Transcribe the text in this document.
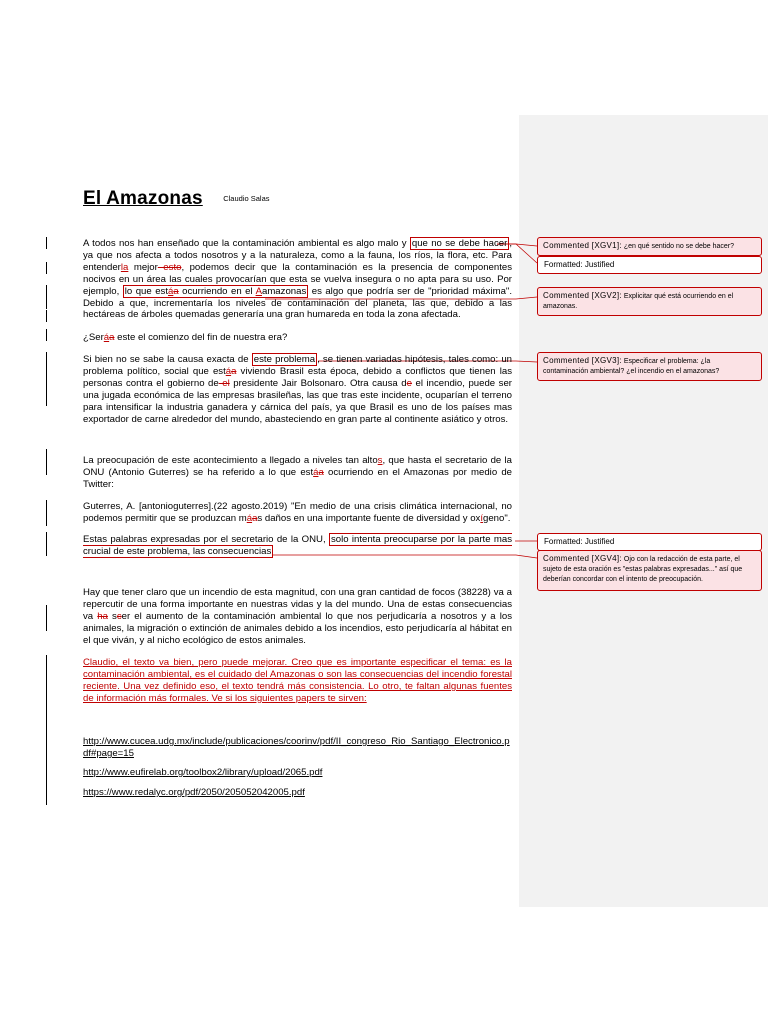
El Amazonas	Claudio Salas

A todos nos han enseñado que la contaminación ambiental es algo malo y que no se debe hacer , ya que nos afecta a todos nosotros y a la naturaleza, como a la fauna, los ríos, la flora, etc. Para entenderla mejor esto, podemos decir que la contaminación es la presencia de componentes nocivos en un área las cuales provocarían que esta se vuelva insegura o no apta para su uso. Por ejemplo, lo que estáa ocurriendo en el Aamazonas es algo que podría ser de "prioridad máxima". Debido a que, incrementaría los niveles de contaminación del planeta, las que, debido a las hectáreas de árboles quemadas generaría una gran humareda en toda la zona afectada.

¿Seráa este el comienzo del fin de nuestra era?

Si bien no se sabe la causa exacta de este problema , se tienen variadas hipótesis, tales como: un problema político, social que estáa viviendo Brasil esta época, debido a conflictos que tienen las personas contra el gobierno de el presidente Jair Bolsonaro. Otra causa de el incendio, puede ser una jugada económica de las empresas brasileñas, las que tras este incidente, ocuparían el terreno para intensificar la industria ganadera y cárnica del país, ya que Brasil es uno de los países mas exportador de carne alrededor del mundo, abasteciendo en gran parte al continente asiático y otros.

La preocupación de este acontecimiento a llegado a niveles tan altos, que hasta el secretario de la ONU (Antonio Guterres) se ha referido a lo que estáa ocurriendo en el Amazonas por medio de Twitter:

Guterres, A. [antonioguterres].(22 agosto.2019) "En medio de una crisis climática internacional, no podemos permitir que se produzcan máas daños en una importante fuente de diversidad y oxígeno".

Estas palabras expresadas por el secretario de la ONU, solo intenta preocuparse por la parte mas crucial de este problema, las consecuencias

Hay que tener claro que un incendio de esta magnitud, con una gran cantidad de focos (38228) va a repercutir de una forma importante en nuestras vidas y la del mundo. Una de estas consecuencias va ha scer el aumento de la contaminación ambiental lo que nos perjudicaría a nosotros y a los animales, la migración o extinción de animales debido a los incendios, esto perjudicaría al hábitat en el que viván, y al nicho ecológico de estos animales.

Claudio, el texto va bien, pero puede mejorar. Creo que es importante especificar el tema: es la contaminación ambiental, es el cuidado del Amazonas o son las consecuencias del incendio forestal reciente. Una vez definido eso, el texto tendrá más consistencia. Lo otro, te faltan algunas fuentes de información más formales. Ve si los siguientes papers te sirven:
http://www.cucea.udg.mx/include/publicaciones/coorinv/pdf/II_congreso_Rio_Santiago_Electronico.pdf#page=15
http://www.eufirelab.org/toolbox2/library/upload/2065.pdf
https://www.redalyc.org/pdf/2050/205052042005.pdf
Commented [XGV1]: ¿en qué sentido no se debe hacer?
Formatted: Justified
Commented [XGV2]: Explicitar qué está ocurriendo en el amazonas.
Commented [XGV3]: Especificar el problema: ¿la contaminación ambiental? ¿el incendio en el amazonas?
Formatted: Justified
Commented [XGV4]: Ojo con la redacción de esta parte, el sujeto de esta oración es "estas palabras expresadas..." así que deberían concordar con el intento de preocupación.
